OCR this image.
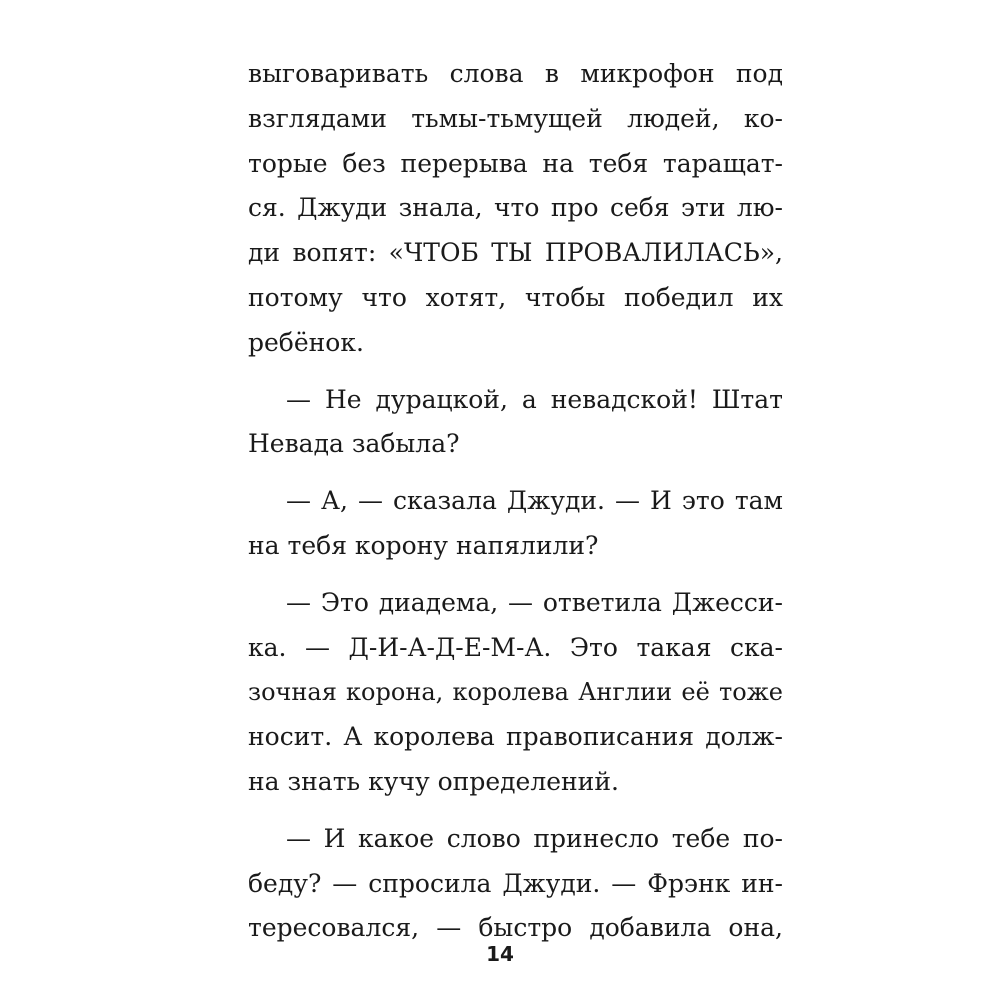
выговаривать слова в микрофон под
взглядами тьмы-тьмущей людей, ко-
торые без перерыва на тебя таращат-
ся. Джуди знала, что про себя эти лю-
ди вопят: «ЧТОБ ТЫ ПРОВАЛИЛАСЬ»,
потому что хотят, чтобы победил их
ребёнок.
— Не дурацкой, а невадской! Штат
Невада забыла?
— А, — сказала Джуди. — И это там
на тебя корону напялили?
— Это диадема, — ответила Джесси-
ка. — Д-И-А-Д-Е-М-А. Это такая ска-
зочная корона, королева Англии её тоже
носит. А королева правописания долж-
на знать кучу определений.
— И какое слово принесло тебе по-
беду? — спросила Джуди. — Фрэнк ин-
тересовался, — быстро добавила она,
14
